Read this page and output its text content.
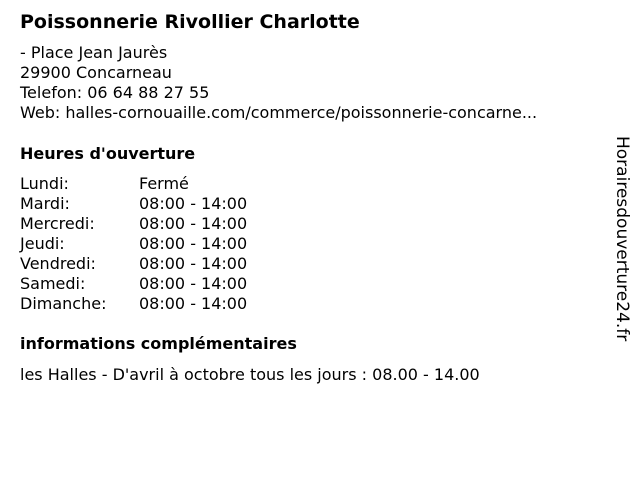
Poissonnerie Rivollier Charlotte
- Place Jean Jaurès
29900 Concarneau
Telefon: 06 64 88 27 55
Web: halles-cornouaille.com/commerce/poissonnerie-concarne...
Heures d'ouverture
Lundi:	Fermé
Mardi:	08:00 - 14:00
Mercredi:	08:00 - 14:00
Jeudi:	08:00 - 14:00
Vendredi:	08:00 - 14:00
Samedi:	08:00 - 14:00
Dimanche: 08:00 - 14:00
informations complémentaires
les Halles - D'avril à octobre tous les jours : 08.00 - 14.00
Horairesdouverture24.fr
